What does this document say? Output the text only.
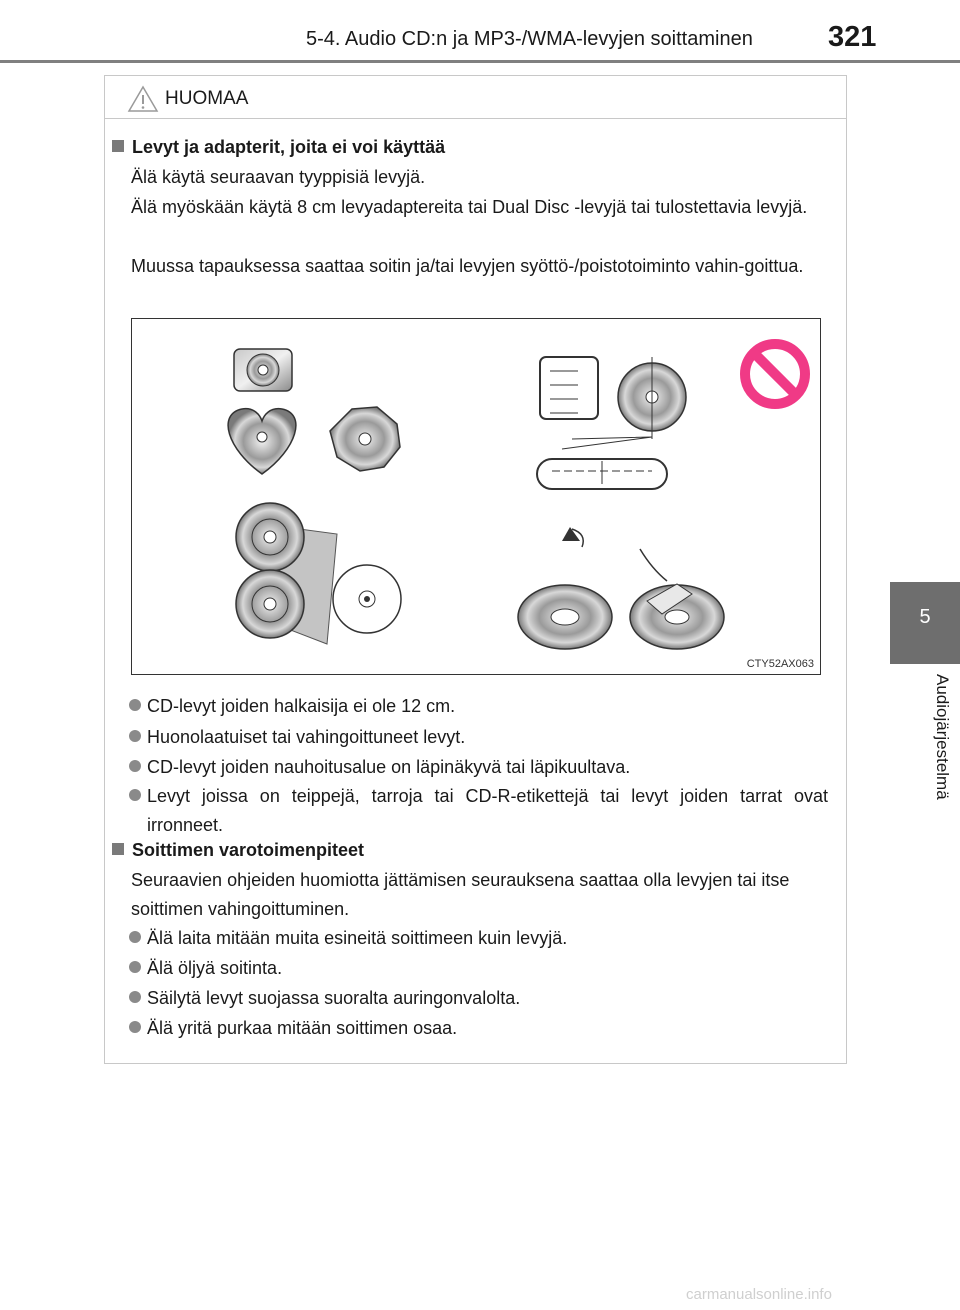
5-4. Audio CD:n ja MP3-/WMA-levyjen soittaminen	321
5
Audiojärjestelmä
HUOMAA
Levyt ja adapterit, joita ei voi käyttää
Älä käytä seuraavan tyyppisiä levyjä.
Älä myöskään käytä 8 cm levyadaptereita tai Dual Disc -levyjä tai tulostettavia levyjä.
Muussa tapauksessa saattaa soitin ja/tai levyjen syöttö-/poistotoiminto vahin-goittua.
CTY52AX063
CD-levyt joiden halkaisija ei ole 12 cm.
Huonolaatuiset tai vahingoittuneet levyt.
CD-levyt joiden nauhoitusalue on läpinäkyvä tai läpikuultava.
Levyt joissa on teippejä, tarroja tai CD-R-etikettejä tai levyt joiden tarrat ovat irronneet.
Soittimen varotoimenpiteet
Seuraavien ohjeiden huomiotta jättämisen seurauksena saattaa olla levyjen tai itse soittimen vahingoittuminen.
Älä laita mitään muita esineitä soittimeen kuin levyjä.
Älä öljyä soitinta.
Säilytä levyt suojassa suoralta auringonvalolta.
Älä yritä purkaa mitään soittimen osaa.
carmanualsonline.info
